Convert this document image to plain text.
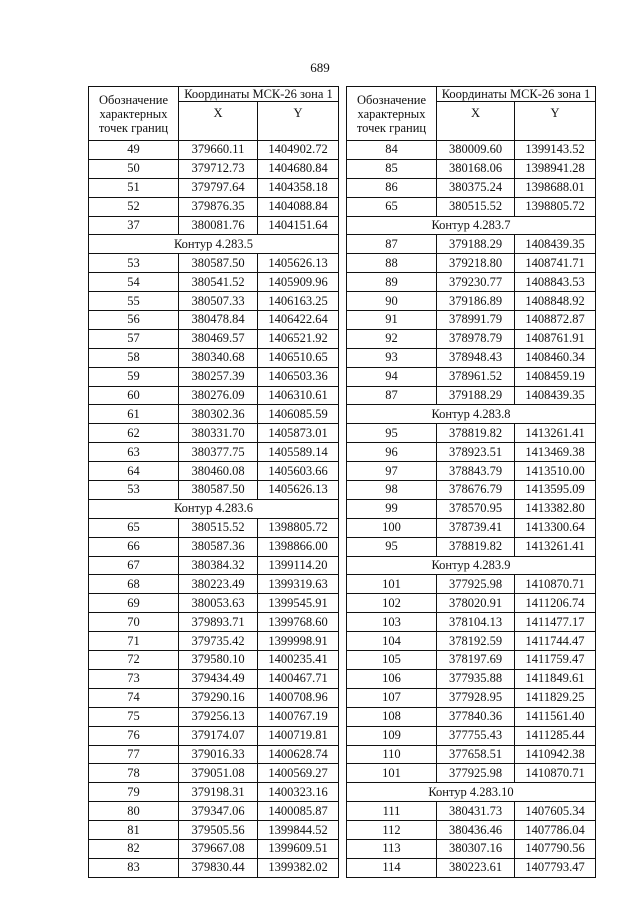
689
Обозначение характерных точек границ	Координаты МСК-26 зона 1	
	X	Y
49	379660.11	1404902.72
50	379712.73	1404680.84
51	379797.64	1404358.18
52	379876.35	1404088.84
37	380081.76	1404151.64
Контур 4.283.5		
53	380587.50	1405626.13
54	380541.52	1405909.96
55	380507.33	1406163.25
56	380478.84	1406422.64
57	380469.57	1406521.92
58	380340.68	1406510.65
59	380257.39	1406503.36
60	380276.09	1406310.61
61	380302.36	1406085.59
62	380331.70	1405873.01
63	380377.75	1405589.14
64	380460.08	1405603.66
53	380587.50	1405626.13
Контур 4.283.6		
65	380515.52	1398805.72
66	380587.36	1398866.00
67	380384.32	1399114.20
68	380223.49	1399319.63
69	380053.63	1399545.91
70	379893.71	1399768.60
71	379735.42	1399998.91
72	379580.10	1400235.41
73	379434.49	1400467.71
74	379290.16	1400708.96
75	379256.13	1400767.19
76	379174.07	1400719.81
77	379016.33	1400628.74
78	379051.08	1400569.27
79	379198.31	1400323.16
80	379347.06	1400085.87
81	379505.56	1399844.52
82	379667.08	1399609.51
83	379830.44	1399382.02
Обозначение характерных точек границ	Координаты МСК-26 зона 1	
	X	Y
84	380009.60	1399143.52
85	380168.06	1398941.28
86	380375.24	1398688.01
65	380515.52	1398805.72
Контур 4.283.7		
87	379188.29	1408439.35
88	379218.80	1408741.71
89	379230.77	1408843.53
90	379186.89	1408848.92
91	378991.79	1408872.87
92	378978.79	1408761.91
93	378948.43	1408460.34
94	378961.52	1408459.19
87	379188.29	1408439.35
Контур 4.283.8		
95	378819.82	1413261.41
96	378923.51	1413469.38
97	378843.79	1413510.00
98	378676.79	1413595.09
99	378570.95	1413382.80
100	378739.41	1413300.64
95	378819.82	1413261.41
Контур 4.283.9		
101	377925.98	1410870.71
102	378020.91	1411206.74
103	378104.13	1411477.17
104	378192.59	1411744.47
105	378197.69	1411759.47
106	377935.88	1411849.61
107	377928.95	1411829.25
108	377840.36	1411561.40
109	377755.43	1411285.44
110	377658.51	1410942.38
101	377925.98	1410870.71
Контур 4.283.10		
111	380431.73	1407605.34
112	380436.46	1407786.04
113	380307.16	1407790.56
114	380223.61	1407793.47
